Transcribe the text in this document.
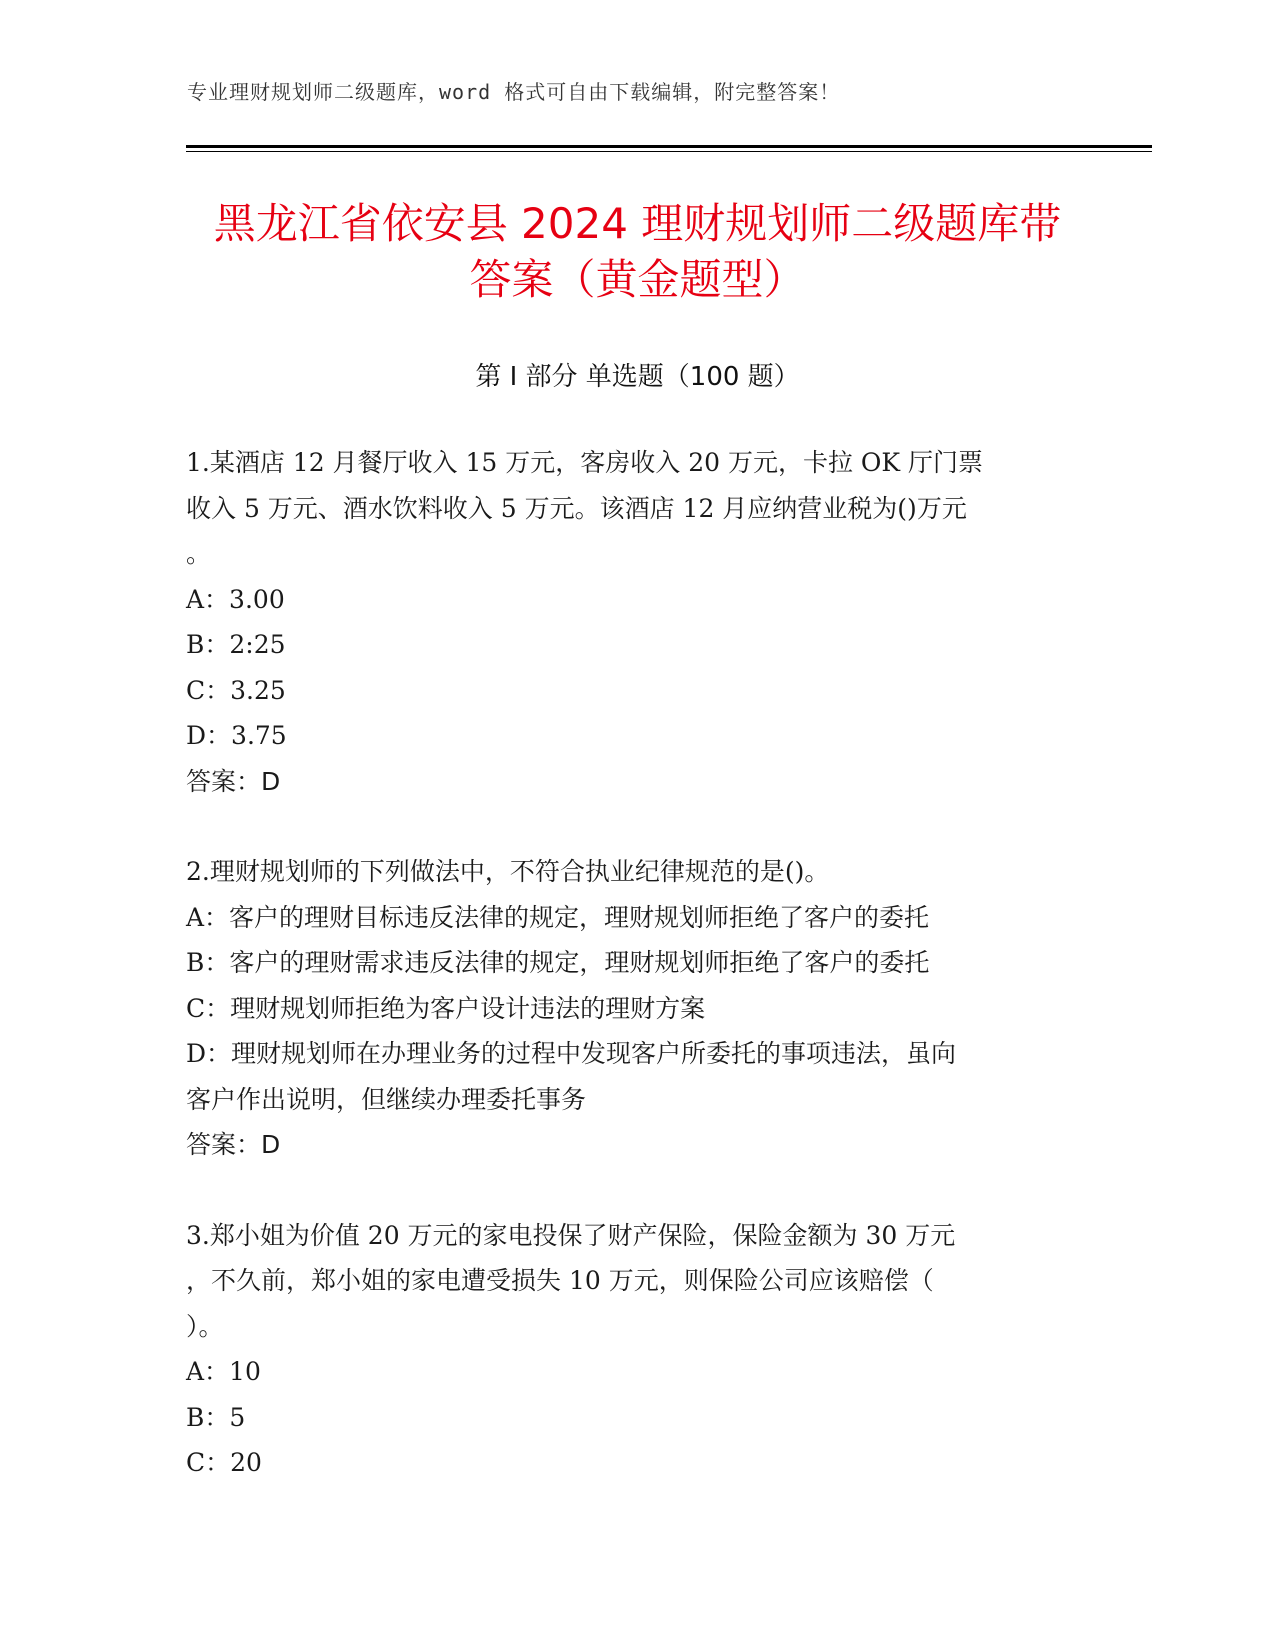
专业理财规划师二级题库，word 格式可自由下载编辑，附完整答案！
黑龙江省依安县 2024 理财规划师二级题库带
答案（黄金题型）
第 I 部分 单选题（100 题）

1.某酒店 12 月餐厅收入 15 万元，客房收入 20 万元，卡拉 OK 厅门票

收入 5 万元、酒水饮料收入 5 万元。该酒店 12 月应纳营业税为()万元

。

A：3.00

B：2:25

C：3.25

D：3.75

答案：D

2.理财规划师的下列做法中，不符合执业纪律规范的是()。

A：客户的理财目标违反法律的规定，理财规划师拒绝了客户的委托

B：客户的理财需求违反法律的规定，理财规划师拒绝了客户的委托

C：理财规划师拒绝为客户设计违法的理财方案

D：理财规划师在办理业务的过程中发现客户所委托的事项违法，虽向

客户作出说明，但继续办理委托事务

答案：D

3.郑小姐为价值 20 万元的家电投保了财产保险，保险金额为 30 万元

，不久前，郑小姐的家电遭受损失 10 万元，则保险公司应该赔偿（

）。

A：10

B：5

C：20
